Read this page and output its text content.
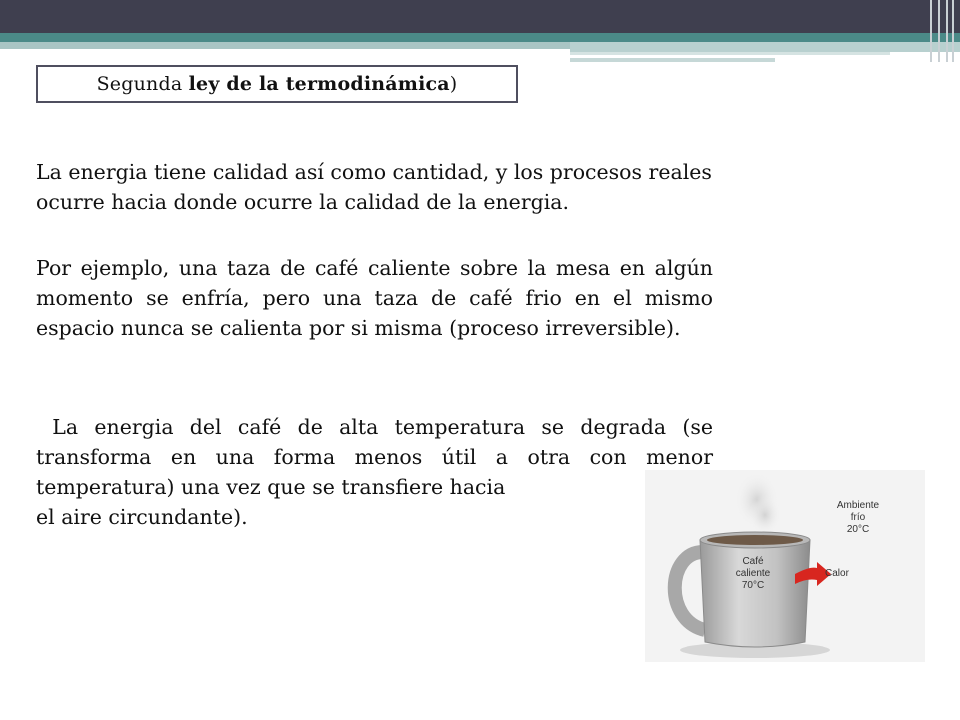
Segunda ley de la termodinámica )
La energia tiene calidad así como cantidad, y los procesos reales ocurre hacia donde ocurre la calidad de la energia.
Por ejemplo, una taza de café caliente sobre la mesa en algún momento se enfría, pero una taza de café frio en el mismo espacio nunca se calienta por si misma (proceso irreversible).
La energia del café de alta temperatura se degrada (se transforma en una forma menos útil a otra con menor temperatura) una vez que se transfiere hacia

el aire circundante).
Café
caliente
70°C
Ambiente
frío
20°C
Calor
